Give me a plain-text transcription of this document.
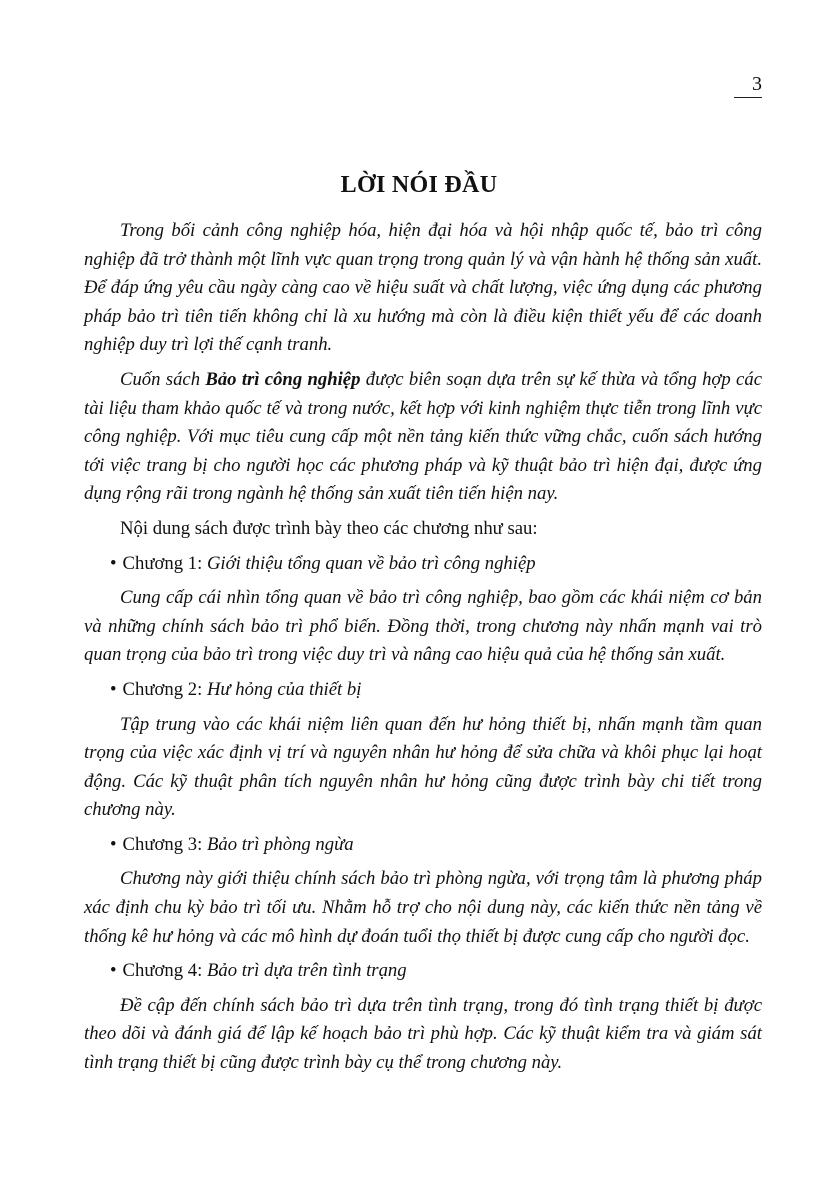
3
LỜI NÓI ĐẦU

Trong bối cảnh công nghiệp hóa, hiện đại hóa và hội nhập quốc tế, bảo trì công nghiệp đã trở thành một lĩnh vực quan trọng trong quản lý và vận hành hệ thống sản xuất. Để đáp ứng yêu cầu ngày càng cao về hiệu suất và chất lượng, việc ứng dụng các phương pháp bảo trì tiên tiến không chỉ là xu hướng mà còn là điều kiện thiết yếu để các doanh nghiệp duy trì lợi thế cạnh tranh.

Cuốn sách Bảo trì công nghiệp được biên soạn dựa trên sự kế thừa và tổng hợp các tài liệu tham khảo quốc tế và trong nước, kết hợp với kinh nghiệm thực tiễn trong lĩnh vực công nghiệp. Với mục tiêu cung cấp một nền tảng kiến thức vững chắc, cuốn sách hướng tới việc trang bị cho người học các phương pháp và kỹ thuật bảo trì hiện đại, được ứng dụng rộng rãi trong ngành hệ thống sản xuất tiên tiến hiện nay.

Nội dung sách được trình bày theo các chương như sau:

• Chương 1: Giới thiệu tổng quan về bảo trì công nghiệp

Cung cấp cái nhìn tổng quan về bảo trì công nghiệp, bao gồm các khái niệm cơ bản và những chính sách bảo trì phổ biến. Đồng thời, trong chương này nhấn mạnh vai trò quan trọng của bảo trì trong việc duy trì và nâng cao hiệu quả của hệ thống sản xuất.

• Chương 2: Hư hỏng của thiết bị

Tập trung vào các khái niệm liên quan đến hư hỏng thiết bị, nhấn mạnh tầm quan trọng của việc xác định vị trí và nguyên nhân hư hỏng để sửa chữa và khôi phục lại hoạt động. Các kỹ thuật phân tích nguyên nhân hư hỏng cũng được trình bày chi tiết trong chương này.

• Chương 3: Bảo trì phòng ngừa

Chương này giới thiệu chính sách bảo trì phòng ngừa, với trọng tâm là phương pháp xác định chu kỳ bảo trì tối ưu. Nhằm hỗ trợ cho nội dung này, các kiến thức nền tảng về thống kê hư hỏng và các mô hình dự đoán tuổi thọ thiết bị được cung cấp cho người đọc.

• Chương 4: Bảo trì dựa trên tình trạng

Đề cập đến chính sách bảo trì dựa trên tình trạng, trong đó tình trạng thiết bị được theo dõi và đánh giá để lập kế hoạch bảo trì phù hợp. Các kỹ thuật kiểm tra và giám sát tình trạng thiết bị cũng được trình bày cụ thể trong chương này.
